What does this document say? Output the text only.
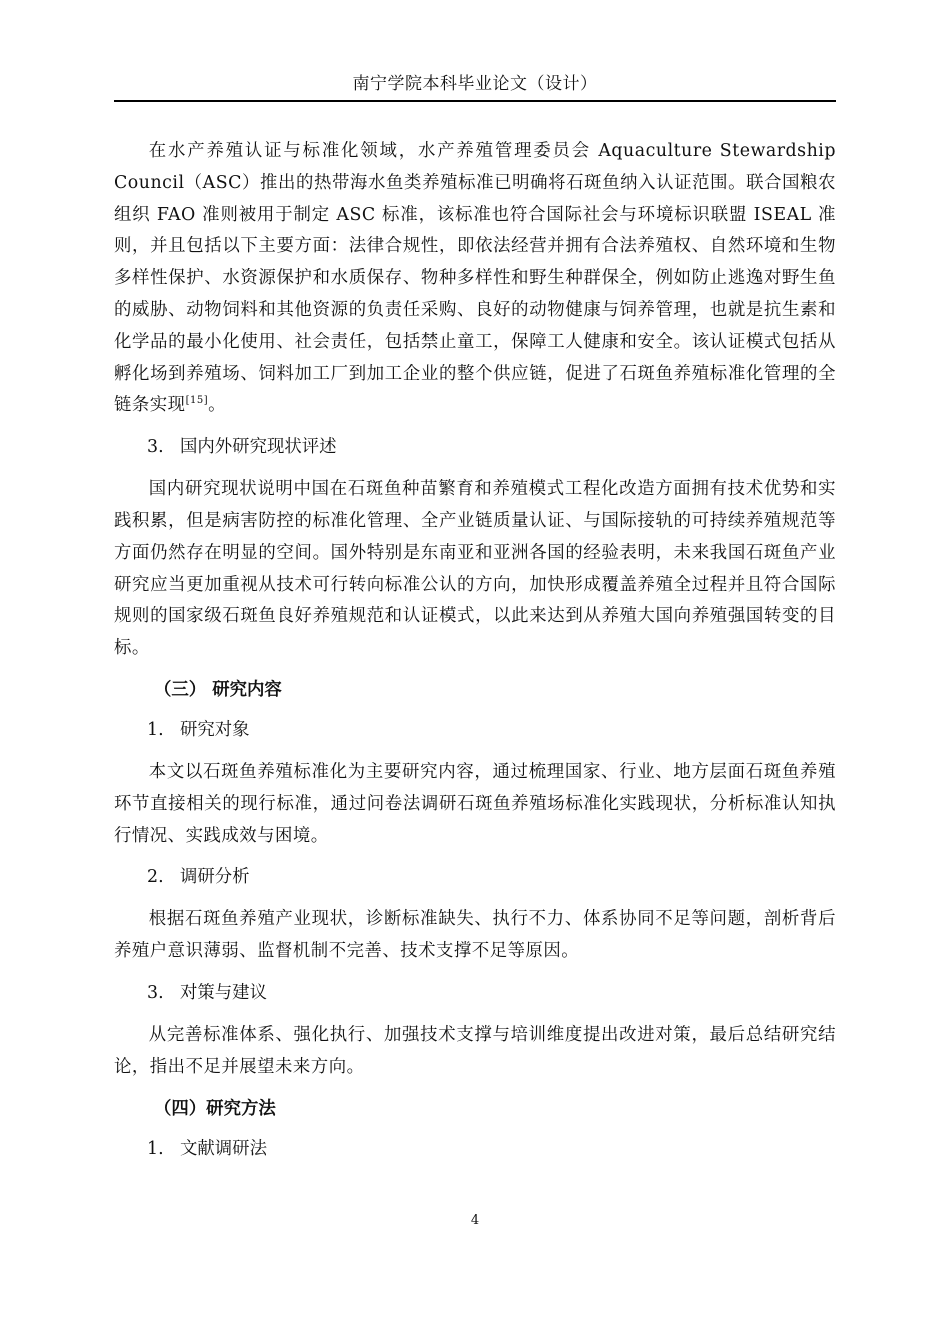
南宁学院本科毕业论文（设计）

在水产养殖认证与标准化领域，水产养殖管理委员会 Aquaculture Stewardship Council（ASC）推出的热带海水鱼类养殖标准已明确将石斑鱼纳入认证范围。联合国粮农组织 FAO 准则被用于制定 ASC 标准，该标准也符合国际社会与环境标识联盟 ISEAL 准则，并且包括以下主要方面：法律合规性，即依法经营并拥有合法养殖权、自然环境和生物多样性保护、水资源保护和水质保存、物种多样性和野生种群保全，例如防止逃逸对野生鱼的威胁、动物饲料和其他资源的负责任采购、良好的动物健康与饲养管理，也就是抗生素和化学品的最小化使用、社会责任，包括禁止童工，保障工人健康和安全。该认证模式包括从孵化场到养殖场、饲料加工厂到加工企业的整个供应链，促进了石斑鱼养殖标准化管理的全链条实现[15]。

3. 国内外研究现状评述

国内研究现状说明中国在石斑鱼种苗繁育和养殖模式工程化改造方面拥有技术优势和实践积累，但是病害防控的标准化管理、全产业链质量认证、与国际接轨的可持续养殖规范等方面仍然存在明显的空间。国外特别是东南亚和亚洲各国的经验表明，未来我国石斑鱼产业研究应当更加重视从技术可行转向标准公认的方向，加快形成覆盖养殖全过程并且符合国际规则的国家级石斑鱼良好养殖规范和认证模式，以此来达到从养殖大国向养殖强国转变的目标。

（三） 研究内容
1. 研究对象

本文以石斑鱼养殖标准化为主要研究内容，通过梳理国家、行业、地方层面石斑鱼养殖环节直接相关的现行标准，通过问卷法调研石斑鱼养殖场标准化实践现状，分析标准认知执行情况、实践成效与困境。

2. 调研分析

根据石斑鱼养殖产业现状，诊断标准缺失、执行不力、体系协同不足等问题，剖析背后养殖户意识薄弱、监督机制不完善、技术支撑不足等原因。

3. 对策与建议

从完善标准体系、强化执行、加强技术支撑与培训维度提出改进对策，最后总结研究结论，指出不足并展望未来方向。

（四）研究方法
1. 文献调研法
4
